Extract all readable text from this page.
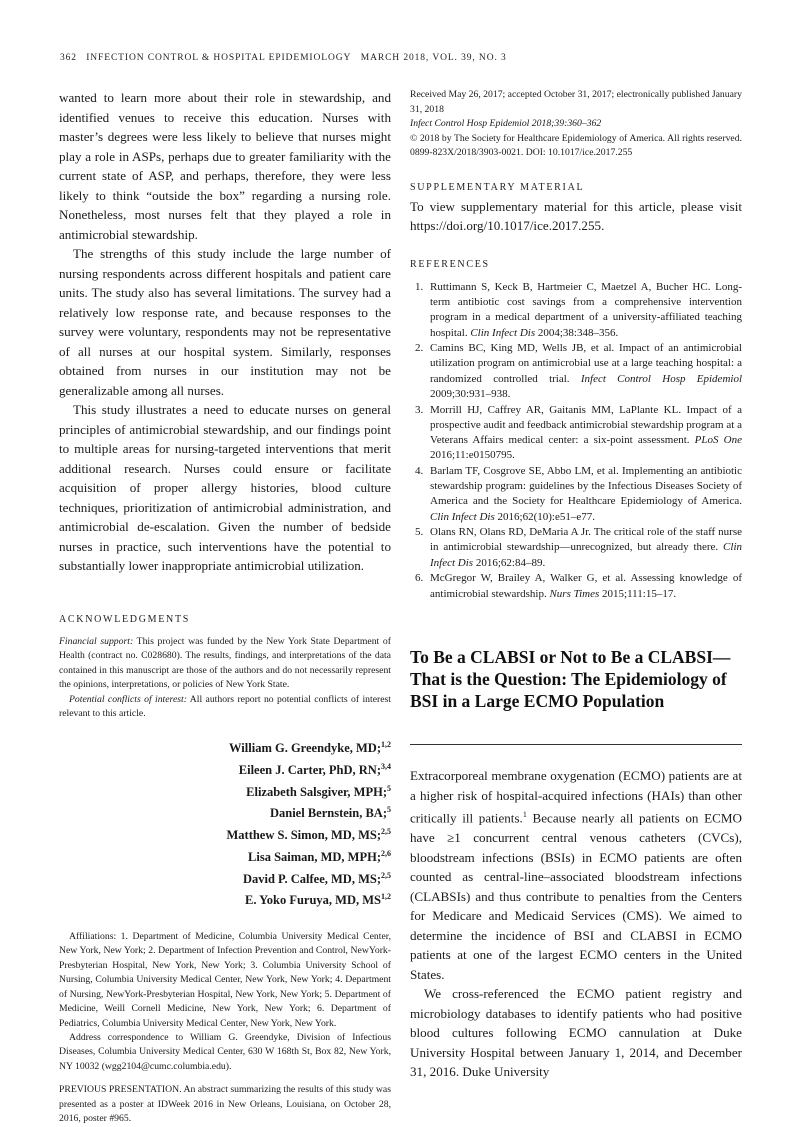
362 INFECTION CONTROL & HOSPITAL EPIDEMIOLOGY MARCH 2018, VOL. 39, NO. 3

wanted to learn more about their role in stewardship, and identified venues to receive this education. Nurses with master’s degrees were less likely to believe that nurses might play a role in ASPs, perhaps due to greater familiarity with the current state of ASP, and perhaps, therefore, they were less likely to think “outside the box” regarding a nursing role. Nonetheless, most nurses felt that they played a role in antimicrobial stewardship.

The strengths of this study include the large number of nursing respondents across different hospitals and patient care units. The study also has several limitations. The survey had a relatively low response rate, and because responses to the survey were voluntary, respondents may not be representative of all nurses at our hospital system. Similarly, responses obtained from nurses in our institution may not be generalizable among all nurses.

This study illustrates a need to educate nurses on general principles of antimicrobial stewardship, and our findings point to multiple areas for nursing-targeted interventions that merit additional research. Nurses could ensure or facilitate acquisition of proper allergy histories, blood culture techniques, prioritization of antimicrobial administration, and antimicrobial de-escalation. Given the number of bedside nurses in practice, such interventions have the potential to substantially lower inappropriate antimicrobial utilization.

ACKNOWLEDGMENTS

Financial support: This project was funded by the New York State Department of Health (contract no. C028680). The results, findings, and interpretations of the data contained in this manuscript are those of the authors and do not necessarily represent the opinions, interpretations, or policies of New York State.

Potential conflicts of interest: All authors report no potential conflicts of interest relevant to this article.

William G. Greendyke, MD;$^{1,2}$
Eileen J. Carter, PhD, RN;$^{3,4}$
Elizabeth Salsgiver, MPH;$^5$
Daniel Bernstein, BA;$^5$
Matthew S. Simon, MD, MS;$^{2,5}$
Lisa Saiman, MD, MPH;$^{2,6}$
David P. Calfee, MD, MS;$^{2,5}$
E. Yoko Furuya, MD, MS$^{1,2}$

Affiliations: 1. Department of Medicine, Columbia University Medical Center, New York, New York; 2. Department of Infection Prevention and Control, NewYork-Presbyterian Hospital, New York, New York; 3. Columbia University School of Nursing, Columbia University Medical Center, New York, New York; 4. Department of Nursing, NewYork-Presbyterian Hospital, New York, New York; 5. Department of Medicine, Weill Cornell Medicine, New York, New York; 6. Department of Pediatrics, Columbia University Medical Center, New York, New York.

Address correspondence to William G. Greendyke, Division of Infectious Diseases, Columbia University Medical Center, 630 W 168th St, Box 82, New York, NY 10032 (wgg2104@cumc.columbia.edu).

PREVIOUS PRESENTATION. An abstract summarizing the results of this study was presented as a poster at IDWeek 2016 in New Orleans, Louisiana, on October 28, 2016, poster #965.

Received May 26, 2017; accepted October 31, 2017; electronically published January 31, 2018

Infect Control Hosp Epidemiol 2018;39:360–362

© 2018 by The Society for Healthcare Epidemiology of America. All rights reserved. 0899-823X/2018/3903-0021. DOI: 10.1017/ice.2017.255

SUPPLEMENTARY MATERIAL

To view supplementary material for this article, please visit https://doi.org/10.1017/ice.2017.255.

REFERENCES
1. Ruttimann S, Keck B, Hartmeier C, Maetzel A, Bucher HC. Long-term antibiotic cost savings from a comprehensive intervention program in a medical department of a university-affiliated teaching hospital. Clin Infect Dis 2004;38:348–356.
2. Camins BC, King MD, Wells JB, et al. Impact of an antimicrobial utilization program on antimicrobial use at a large teaching hospital: a randomized controlled trial. Infect Control Hosp Epidemiol 2009;30:931–938.
3. Morrill HJ, Caffrey AR, Gaitanis MM, LaPlante KL. Impact of a prospective audit and feedback antimicrobial stewardship program at a Veterans Affairs medical center: a six-point assessment. PLoS One 2016;11:e0150795.
4. Barlam TF, Cosgrove SE, Abbo LM, et al. Implementing an antibiotic stewardship program: guidelines by the Infectious Diseases Society of America and the Society for Healthcare Epidemiology of America. Clin Infect Dis 2016;62(10):e51–e77.
5. Olans RN, Olans RD, DeMaria A Jr. The critical role of the staff nurse in antimicrobial stewardship—unrecognized, but already there. Clin Infect Dis 2016;62:84–89.
6. McGregor W, Brailey A, Walker G, et al. Assessing knowledge of antimicrobial stewardship. Nurs Times 2015;111:15–17.
To Be a CLABSI or Not to Be a CLABSI—That is the Question: The Epidemiology of BSI in a Large ECMO Population

Extracorporeal membrane oxygenation (ECMO) patients are at a higher risk of hospital-acquired infections (HAIs) than other critically ill patients.$^1$ Because nearly all patients on ECMO have ≥1 concurrent central venous catheters (CVCs), bloodstream infections (BSIs) in ECMO patients are often counted as central-line–associated bloodstream infections (CLABSIs) and thus contribute to penalties from the Centers for Medicare and Medicaid Services (CMS). We aimed to determine the incidence of BSI and CLABSI in ECMO patients at one of the largest ECMO centers in the United States.

We cross-referenced the ECMO patient registry and microbiology databases to identify patients who had positive blood cultures following ECMO cannulation at Duke University Hospital between January 1, 2014, and December 31, 2016. Duke University
